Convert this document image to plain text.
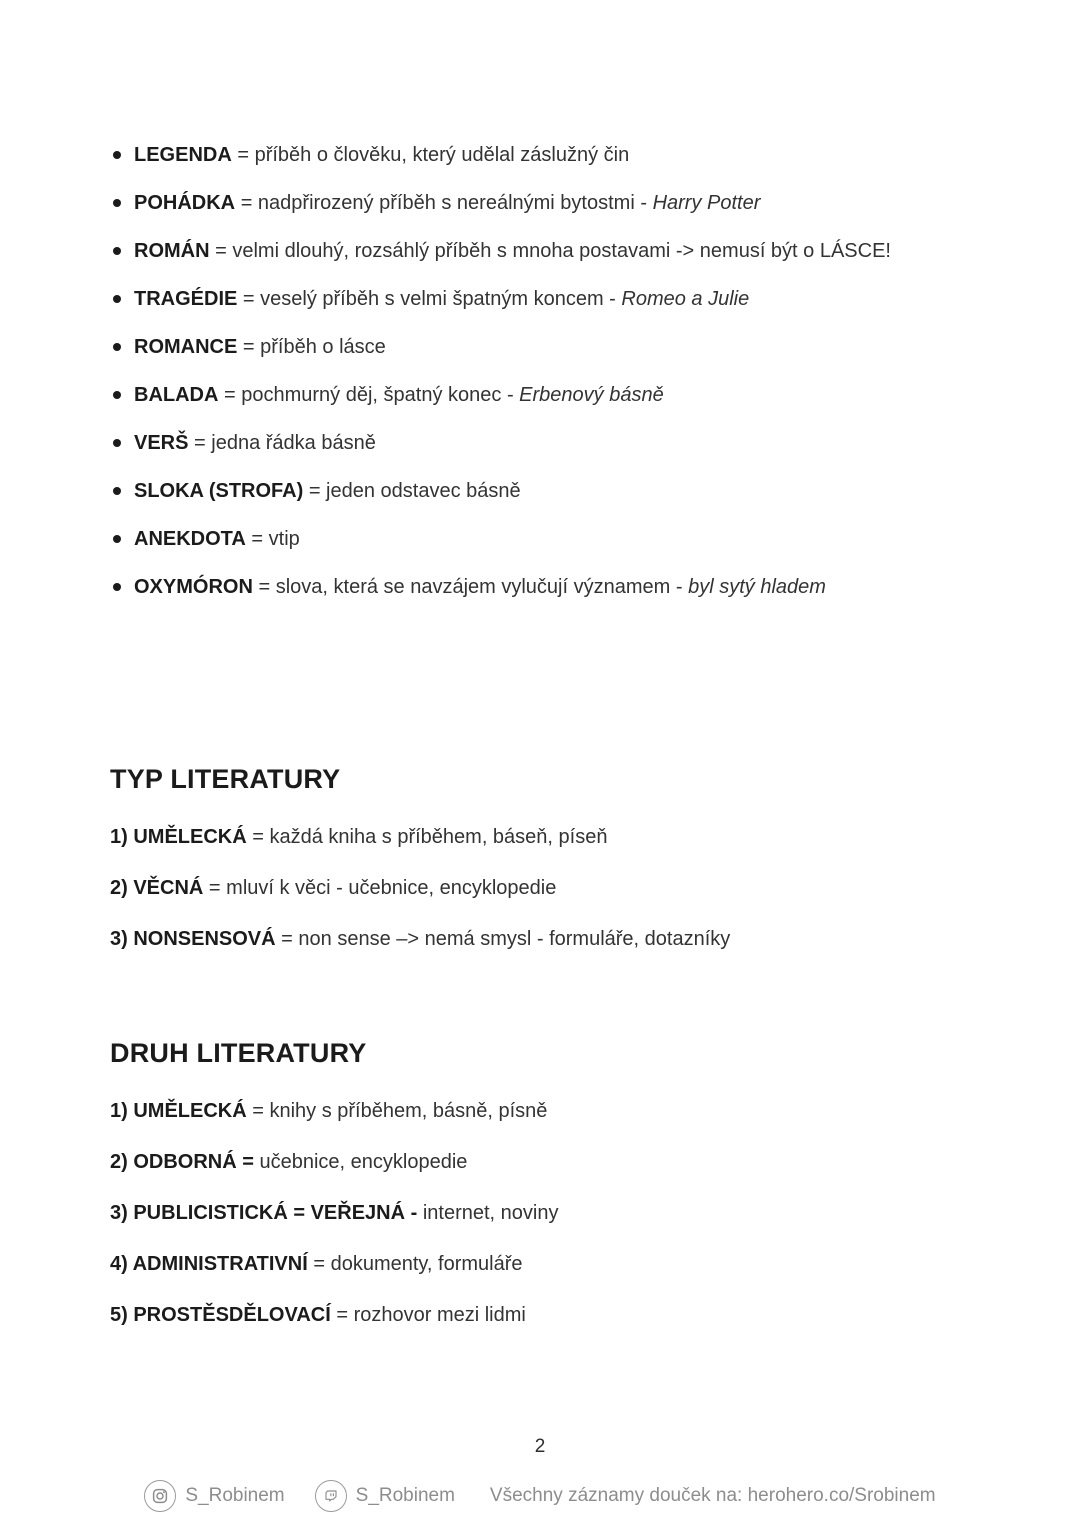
LEGENDA = příběh o člověku, který udělal záslužný čin
POHÁDKA = nadpřirozený příběh s nereálnými bytostmi - Harry Potter
ROMÁN = velmi dlouhý, rozsáhlý příběh s mnoha postavami -> nemusí být o LÁSCE!
TRAGÉDIE = veselý příběh s velmi špatným koncem - Romeo a Julie
ROMANCE = příběh o lásce
BALADA = pochmurný děj, špatný konec - Erbenový básně
VERŠ = jedna řádka básně
SLOKA (STROFA) = jeden odstavec básně
ANEKDOTA = vtip
OXYMÓRON = slova, která se navzájem vylučují významem - byl sytý hladem
TYP LITERATURY

1) UMĚLECKÁ = každá kniha s příběhem, báseň, píseň

2) VĚCNÁ = mluví k věci - učebnice, encyklopedie

3) NONSENSOVÁ = non sense –> nemá smysl - formuláře, dotazníky

DRUH LITERATURY

1) UMĚLECKÁ = knihy s příběhem, básně, písně

2) ODBORNÁ = učebnice, encyklopedie

3) PUBLICISTICKÁ = VEŘEJNÁ - internet, noviny

4) ADMINISTRATIVNÍ = dokumenty, formuláře

5) PROSTĚSDĚLOVACÍ = rozhovor mezi lidmi

2
S_Robinem	S_Robinem Všechny záznamy douček na: herohero.co/Srobinem
